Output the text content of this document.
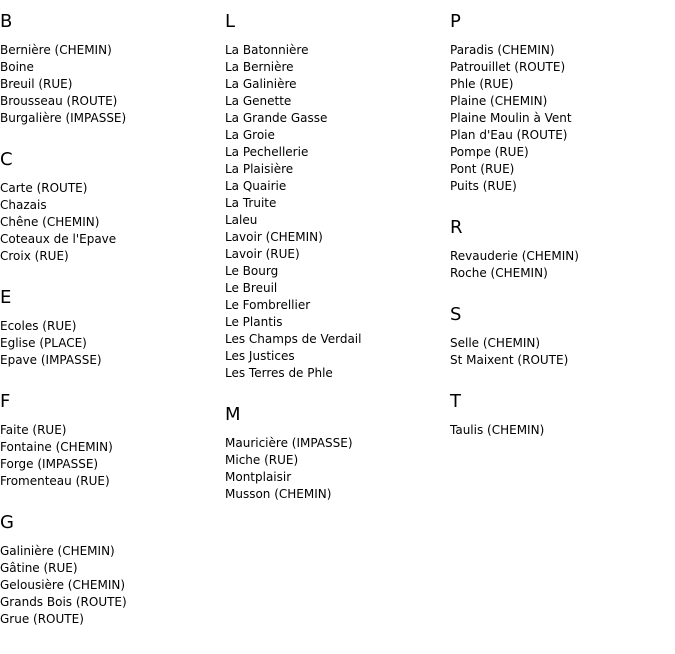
B
Bernière (CHEMIN)
Boine
Breuil (RUE)
Brousseau (ROUTE)
Burgalière (IMPASSE)
C
Carte (ROUTE)
Chazais
Chêne (CHEMIN)
Coteaux de l'Epave
Croix (RUE)
E
Ecoles (RUE)
Eglise (PLACE)
Epave (IMPASSE)
F
Faite (RUE)
Fontaine (CHEMIN)
Forge (IMPASSE)
Fromenteau (RUE)
G
Galinière (CHEMIN)
Gâtine (RUE)
Gelousière (CHEMIN)
Grands Bois (ROUTE)
Grue (ROUTE)
L
La Batonnière
La Bernière
La Galinière
La Genette
La Grande Gasse
La Groie
La Pechellerie
La Plaisière
La Quairie
La Truite
Laleu
Lavoir (CHEMIN)
Lavoir (RUE)
Le Bourg
Le Breuil
Le Fombrellier
Le Plantis
Les Champs de Verdail
Les Justices
Les Terres de Phle
M
Mauricière (IMPASSE)
Miche (RUE)
Montplaisir
Musson (CHEMIN)
P
Paradis (CHEMIN)
Patrouillet (ROUTE)
Phle (RUE)
Plaine (CHEMIN)
Plaine Moulin à Vent
Plan d'Eau (ROUTE)
Pompe (RUE)
Pont (RUE)
Puits (RUE)
R
Revauderie (CHEMIN)
Roche (CHEMIN)
S
Selle (CHEMIN)
St Maixent (ROUTE)
T
Taulis (CHEMIN)
